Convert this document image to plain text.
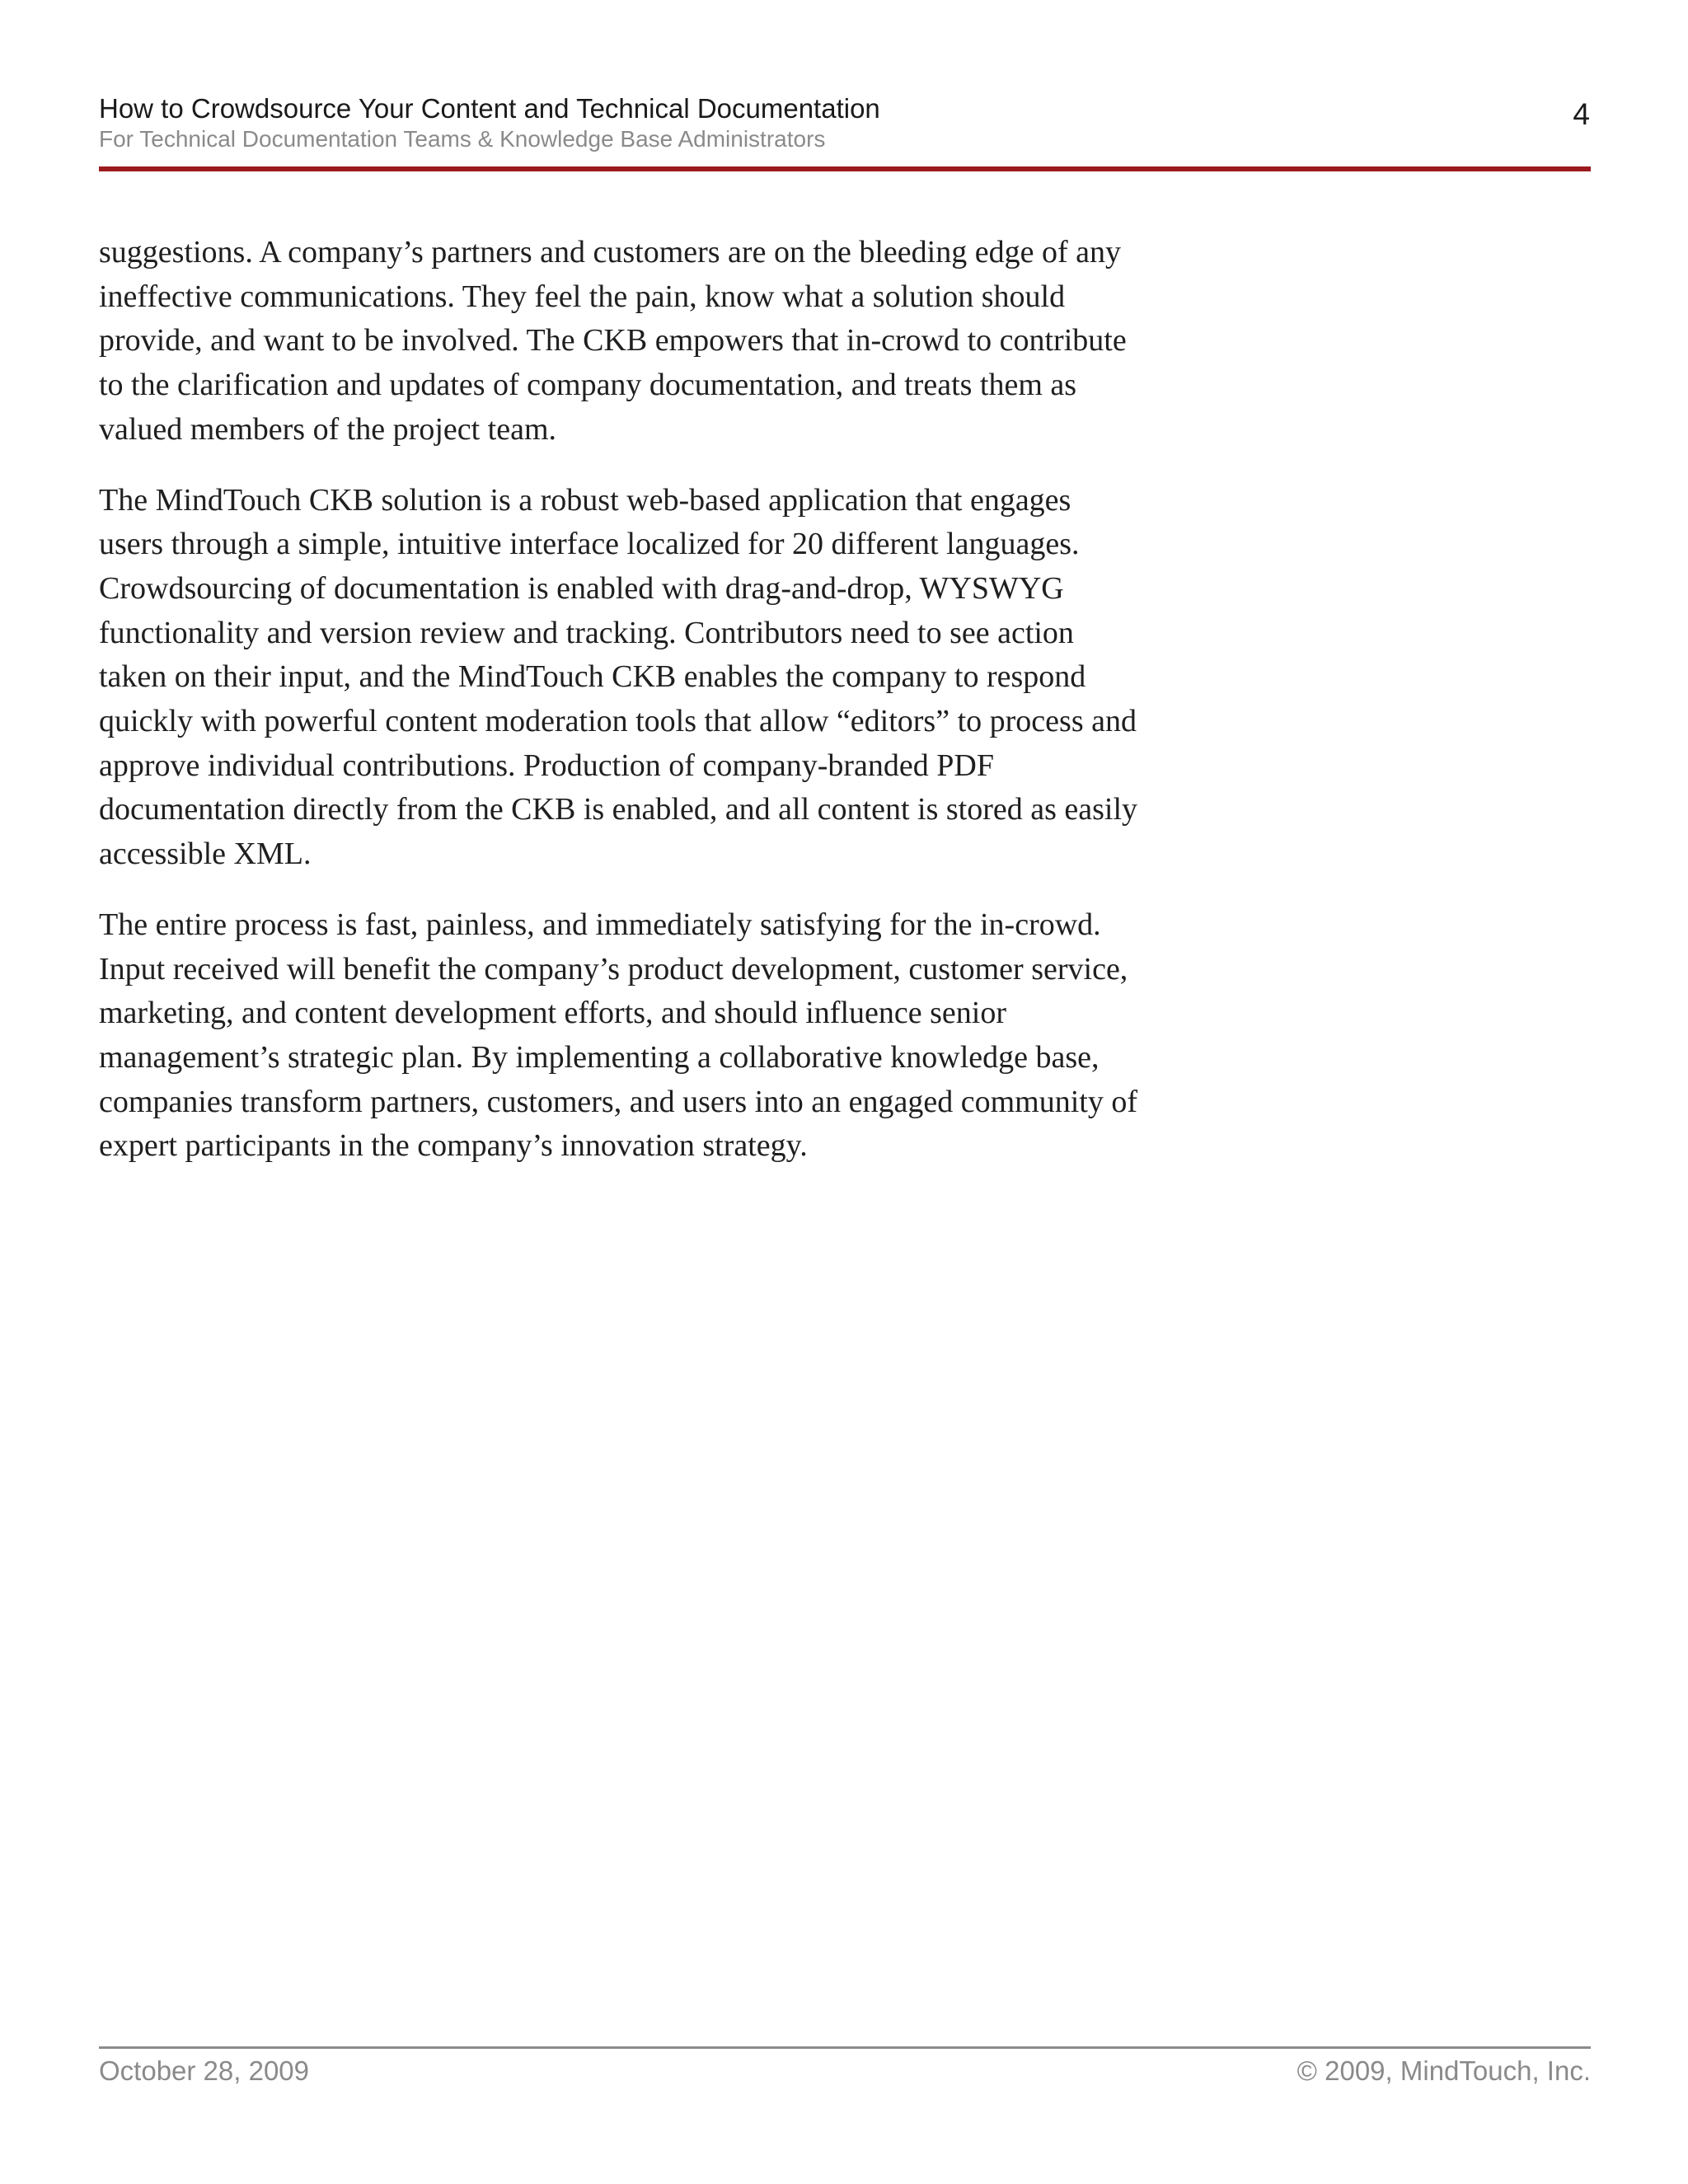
How to Crowdsource Your Content and Technical Documentation

For Technical Documentation Teams & Knowledge Base Administrators

4

suggestions. A company’s partners and customers are on the bleeding edge of any ineffective communications. They feel the pain, know what a solution should provide, and want to be involved. The CKB empowers that in-crowd to contribute to the clarification and updates of company documentation, and treats them as valued members of the project team.

The MindTouch CKB solution is a robust web-based application that engages users through a simple, intuitive interface localized for 20 different languages. Crowdsourcing of documentation is enabled with drag-and-drop, WYSWYG functionality and version review and tracking. Contributors need to see action taken on their input, and the MindTouch CKB enables the company to respond quickly with powerful content moderation tools that allow “editors” to process and approve individual contributions. Production of company-branded PDF documentation directly from the CKB is enabled, and all content is stored as easily accessible XML.

The entire process is fast, painless, and immediately satisfying for the in-crowd. Input received will benefit the company’s product development, customer service, marketing, and content development efforts, and should influence senior management’s strategic plan. By implementing a collaborative knowledge base, companies transform partners, customers, and users into an engaged community of expert participants in the company’s innovation strategy.

October 28, 2009	© 2009, MindTouch, Inc.
